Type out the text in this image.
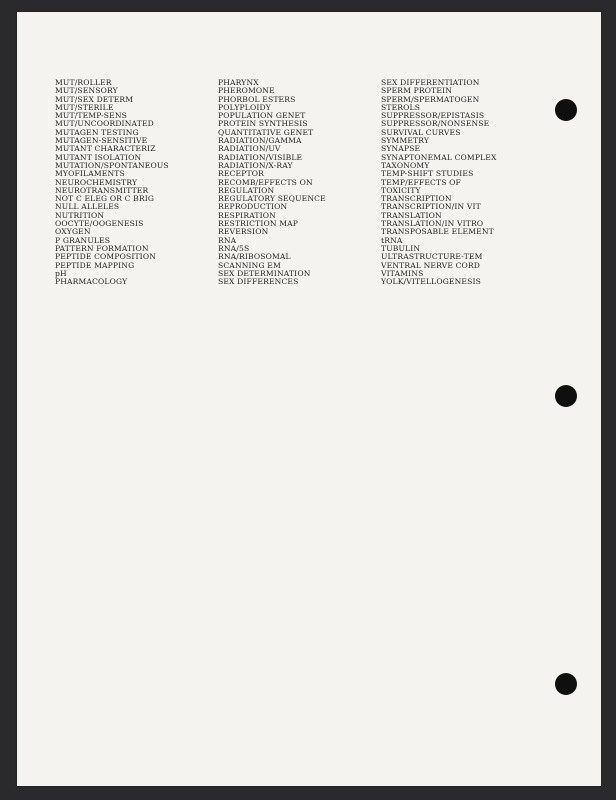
MUT/ROLLER
MUT/SENSORY
MUT/SEX DETERM
MUT/STERILE
MUT/TEMP-SENS
MUT/UNCOORDINATED
MUTAGEN TESTING
MUTAGEN-SENSITIVE
MUTANT CHARACTERIZ
MUTANT ISOLATION
MUTATION/SPONTANEOUS
MYOFILAMENTS
NEUROCHEMISTRY
NEUROTRANSMITTER
NOT C ELEG OR C BRIG
NULL ALLELES
NUTRITION
OOCYTE/OOGENESIS
OXYGEN
P GRANULES
PATTERN FORMATION
PEPTIDE COMPOSITION
PEPTIDE MAPPING
pH
PHARMACOLOGY
PHARYNX
PHEROMONE
PHORBOL ESTERS
POLYPLOIDY
POPULATION GENET
PROTEIN SYNTHESIS
QUANTITATIVE GENET
RADIATION/GAMMA
RADIATION/UV
RADIATION/VISIBLE
RADIATION/X-RAY
RECEPTOR
RECOMB/EFFECTS ON
REGULATION
REGULATORY SEQUENCE
REPRODUCTION
RESPIRATION
RESTRICTION MAP
REVERSION
RNA
RNA/5S
RNA/RIBOSOMAL
SCANNING EM
SEX DETERMINATION
SEX DIFFERENCES
SEX DIFFERENTIATION
SPERM PROTEIN
SPERM/SPERMATOGEN
STEROLS
SUPPRESSOR/EPISTASIS
SUPPRESSOR/NONSENSE
SURVIVAL CURVES
SYMMETRY
SYNAPSE
SYNAPTONEMAL COMPLEX
TAXONOMY
TEMP-SHIFT STUDIES
TEMP/EFFECTS OF
TOXICITY
TRANSCRIPTION
TRANSCRIPTION/IN VIT
TRANSLATION
TRANSLATION/IN VITRO
TRANSPOSABLE ELEMENT
tRNA
TUBULIN
ULTRASTRUCTURE-TEM
VENTRAL NERVE CORD
VITAMINS
YOLK/VITELLOGENESIS
